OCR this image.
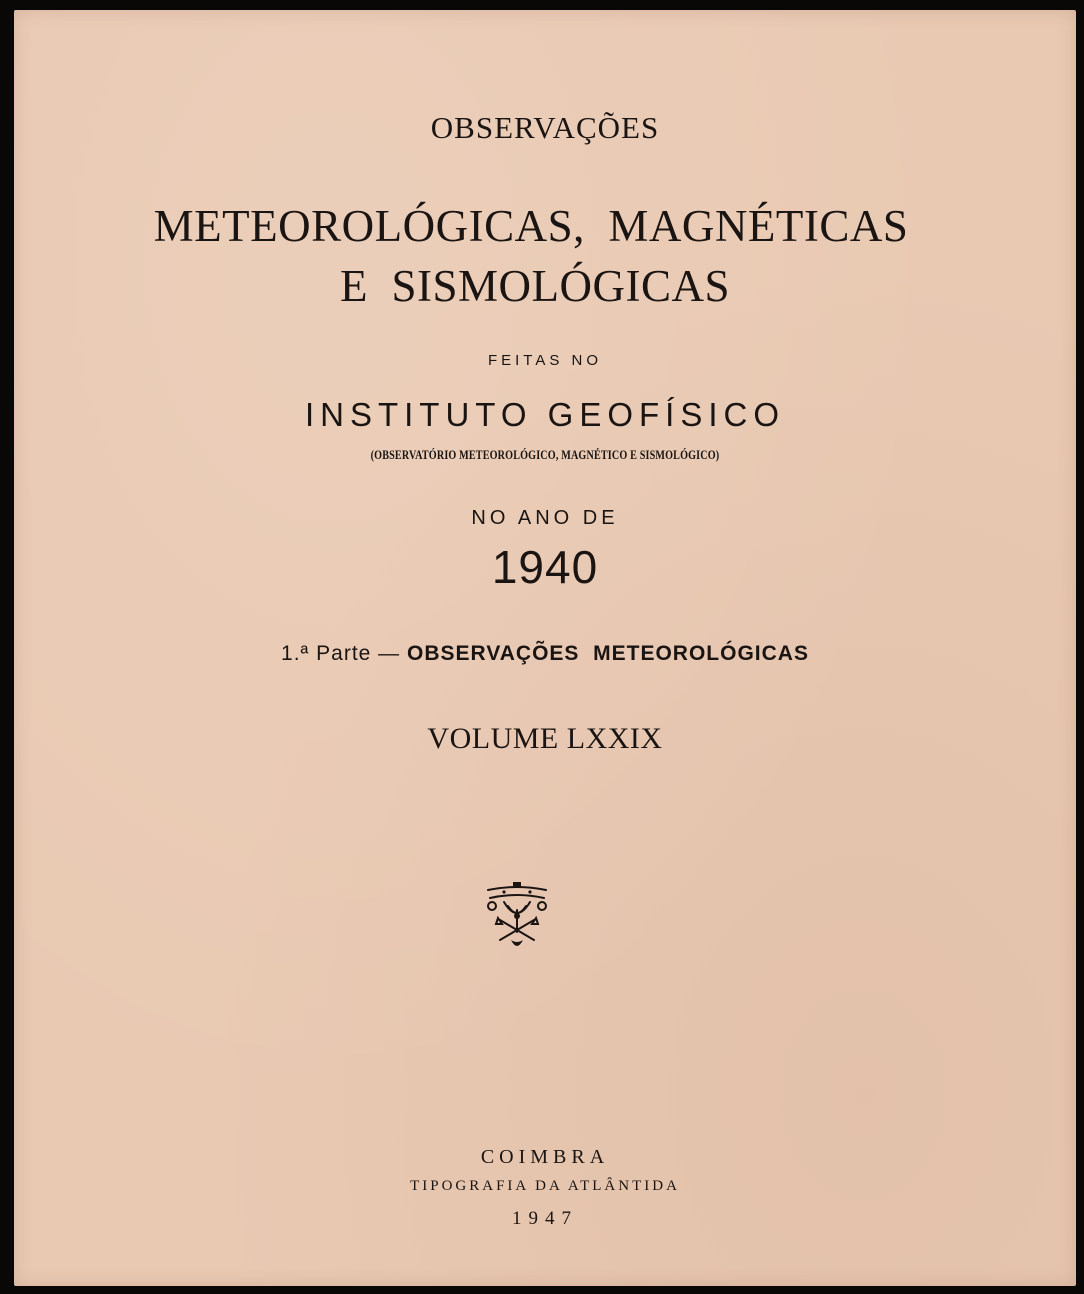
OBSERVAÇÕES
METEOROLÓGICAS,  MAGNÉTICAS
E  SISMOLÓGICAS
FEITAS NO
INSTITUTO GEOFÍSICO
(OBSERVATÓRIO METEOROLÓGICO, MAGNÉTICO E SISMOLÓGICO)
NO ANO DE
1940
1.ª Parte — OBSERVAÇÕES  METEOROLÓGICAS
VOLUME LXXIX
COIMBRA
TIPOGRAFIA DA ATLÂNTIDA
1947
